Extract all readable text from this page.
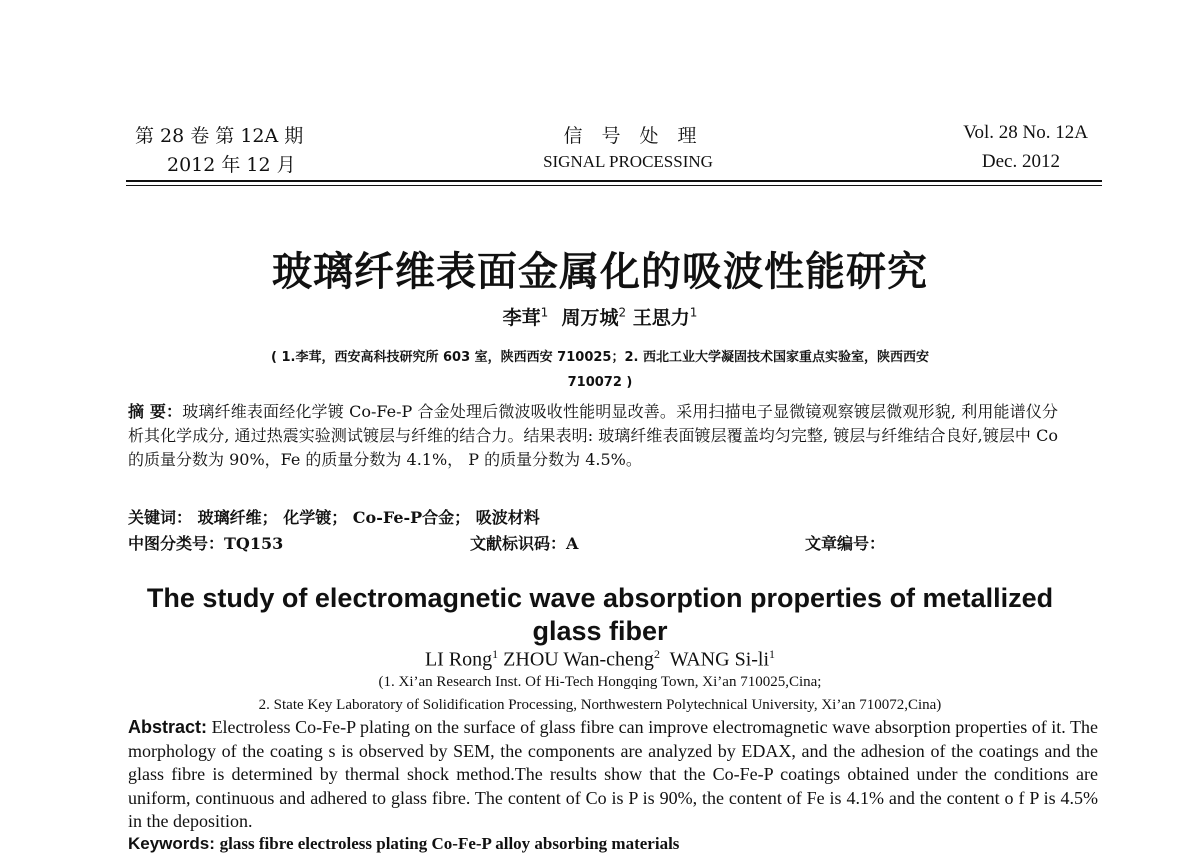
第 28 卷 第 12A 期
2012 年 12 月
信　号　处　理
SIGNAL PROCESSING
Vol. 28 No. 12A
Dec. 2012
玻璃纤维表面金属化的吸波性能研究
李茸$^1$ 周万城$^2$ 王思力$^1$
( 1.李茸，西安高科技研究所 603 室，陕西西安 710025；2. 西北工业大学凝固技术国家重点实验室，陕西西安
710072 )
摘 要：玻璃纤维表面经化学镀 Co-Fe-P 合金处理后微波吸收性能明显改善。采用扫描电子显微镜观察镀层微观形貌, 利用能谱仪分析其化学成分, 通过热震实验测试镀层与纤维的结合力。结果表明: 玻璃纤维表面镀层覆盖均匀完整, 镀层与纤维结合良好,镀层中 Co 的质量分数为 90%，Fe 的质量分数为 4.1%， P 的质量分数为 4.5%。
关键词： 玻璃纤维； 化学镀； Co-Fe-P合金； 吸波材料
中图分类号：TQ153	文献标识码：A	文章编号：
The study of electromagnetic wave absorption properties of metallized
glass fiber
LI Rong$^1$ ZHOU Wan-cheng$^2$ WANG $Si-li^1$
(1. Xi’an Research Inst. Of Hi-Tech Hongqing Town, Xi’an 710025,Cina;
2. State Key Laboratory of Solidification Processing, Northwestern Polytechnical University, Xi’an 710072,Cina)
Abstract: Electroless Co-Fe-P plating on the surface of glass fibre can improve electromagnetic wave absorption properties of it. The morphology of the coating s is observed by SEM, the components are analyzed by EDAX, and the adhesion of the coatings and the glass fibre is determined by thermal shock method.The results show that the Co-Fe-P coatings obtained under the conditions are uniform, continuous and adhered to glass fibre. The content of Co is P is 90%, the content of Fe is 4.1% and the content o f P is 4.5% in the deposition.
Keywords: glass fibre electroless plating Co-Fe-P alloy absorbing materials
